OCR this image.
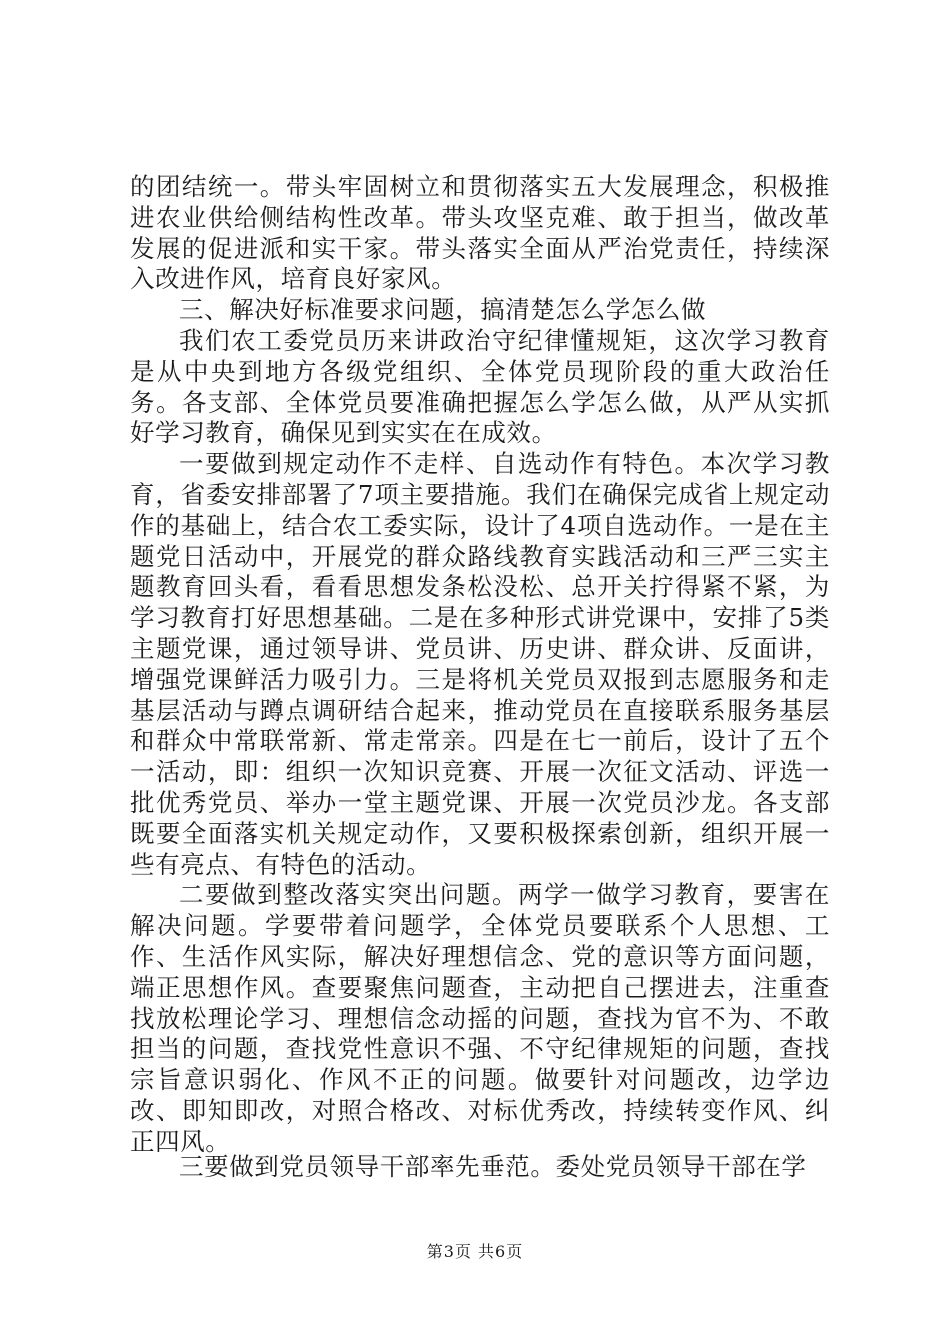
的团结统一。带头牢固树立和贯彻落实五大发展理念，积极推进农业供给侧结构性改革。带头攻坚克难、敢于担当，做改革发展的促进派和实干家。带头落实全面从严治党责任，持续深入改进作风，培育良好家风。

三、解决好标准要求问题，搞清楚怎么学怎么做

我们农工委党员历来讲政治守纪律懂规矩，这次学习教育是从中央到地方各级党组织、全体党员现阶段的重大政治任务。各支部、全体党员要准确把握怎么学怎么做，从严从实抓好学习教育，确保见到实实在在成效。

一要做到规定动作不走样、自选动作有特色。本次学习教育，省委安排部署了7项主要措施。我们在确保完成省上规定动作的基础上，结合农工委实际，设计了4项自选动作。一是在主题党日活动中，开展党的群众路线教育实践活动和三严三实主题教育回头看，看看思想发条松没松、总开关拧得紧不紧，为学习教育打好思想基础。二是在多种形式讲党课中，安排了5类主题党课，通过领导讲、党员讲、历史讲、群众讲、反面讲，增强党课鲜活力吸引力。三是将机关党员双报到志愿服务和走基层活动与蹲点调研结合起来，推动党员在直接联系服务基层和群众中常联常新、常走常亲。四是在七一前后，设计了五个一活动，即：组织一次知识竞赛、开展一次征文活动、评选一批优秀党员、举办一堂主题党课、开展一次党员沙龙。各支部既要全面落实机关规定动作，又要积极探索创新，组织开展一些有亮点、有特色的活动。

二要做到整改落实突出问题。两学一做学习教育，要害在解决问题。学要带着问题学，全体党员要联系个人思想、工作、生活作风实际，解决好理想信念、党的意识等方面问题，端正思想作风。查要聚焦问题查，主动把自己摆进去，注重查找放松理论学习、理想信念动摇的问题，查找为官不为、不敢担当的问题，查找党性意识不强、不守纪律规矩的问题，查找宗旨意识弱化、作风不正的问题。做要针对问题改，边学边改、即知即改，对照合格改、对标优秀改，持续转变作风、纠正四风。

三要做到党员领导干部率先垂范。委处党员领导干部在学

第3页 共6页
